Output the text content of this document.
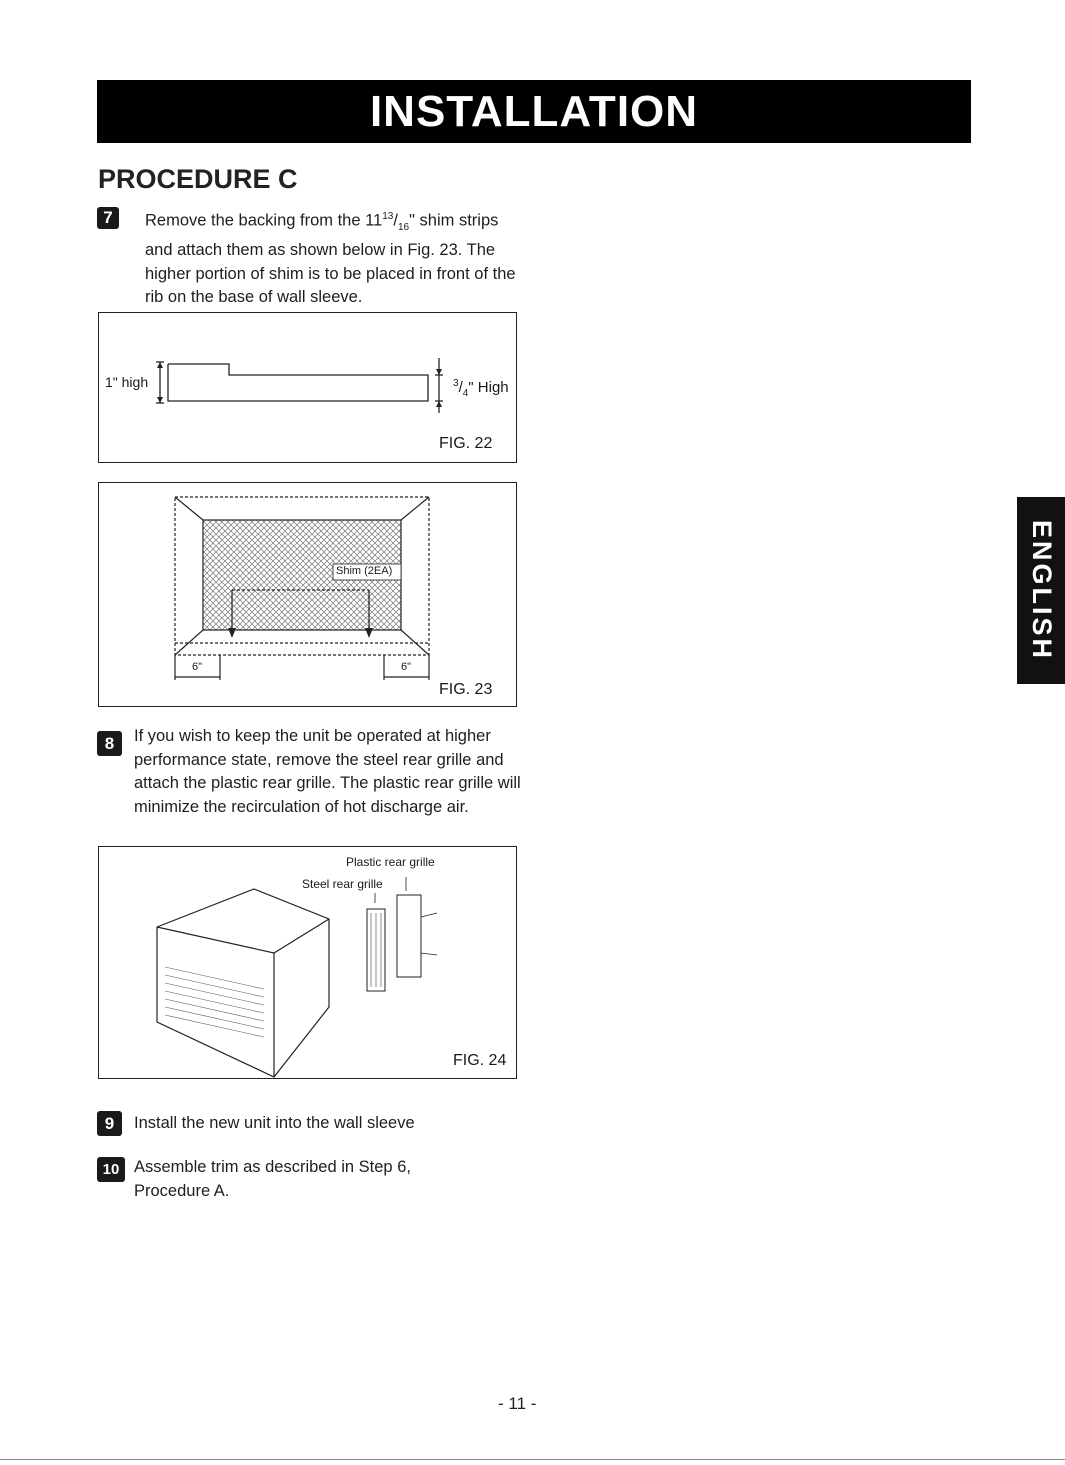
INSTALLATION
PROCEDURE C
7 Remove the backing from the $11^{13}/_{16}$" shim strips and attach them as shown below in Fig. 23. The higher portion of shim is to be placed in front of the rib on the base of wall sleeve.
1" high	$^3/_4$" High
FIG. 22
Shim (2EA)
6"	6"
FIG. 23
8 If you wish to keep the unit be operated at higher performance state, remove the steel rear grille and attach the plastic rear grille. The plastic rear grille will minimize the recirculation of hot discharge air.
Plastic rear grille
Steel rear grille
FIG. 24
9 Install the new unit into the wall sleeve
10 Assemble trim as described in Step 6, Procedure A.
ENGLISH
- 11 -
